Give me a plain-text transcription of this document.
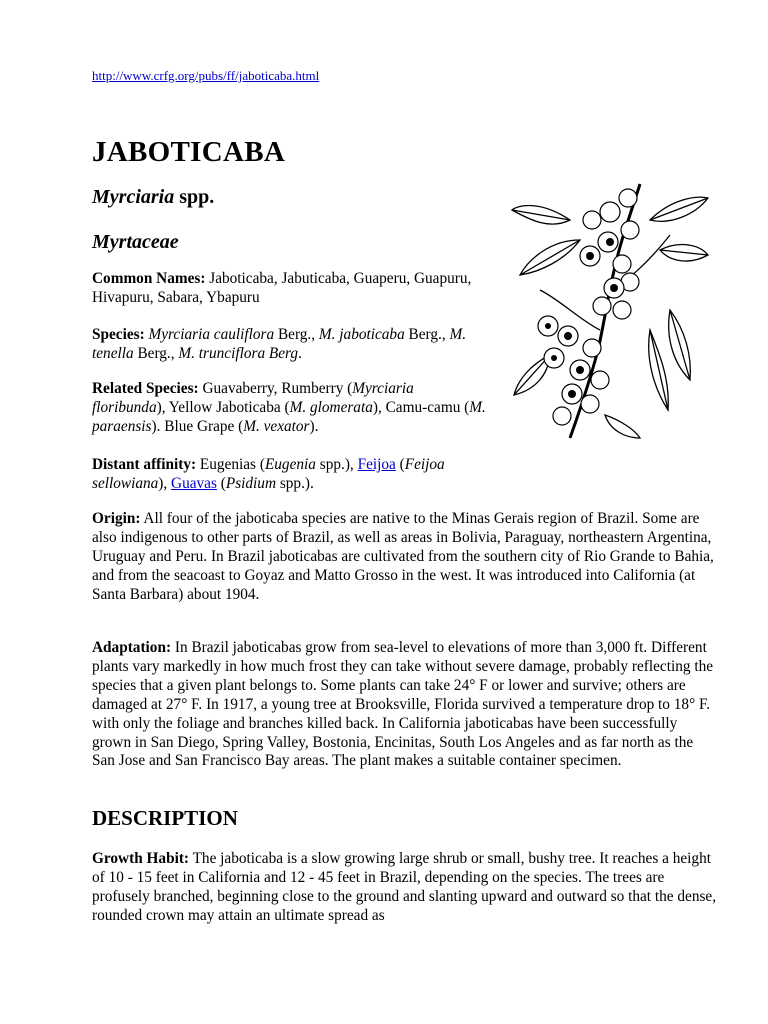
http://www.crfg.org/pubs/ff/jaboticaba.html
JABOTICABA
Myrciaria spp.
Myrtaceae

Common Names: Jaboticaba, Jabuticaba, Guaperu, Guapuru, Hivapuru, Sabara, Ybapuru

Species: Myrciaria cauliflora Berg., M. jaboticaba Berg., M. tenella Berg., M. trunciflora Berg.

Related Species: Guavaberry, Rumberry (Myrciaria floribunda), Yellow Jaboticaba (M. glomerata), Camu-camu (M. paraensis). Blue Grape (M. vexator).

Distant affinity: Eugenias (Eugenia spp.), Feijoa (Feijoa sellowiana), Guavas (Psidium spp.).

Origin: All four of the jaboticaba species are native to the Minas Gerais region of Brazil. Some are also indigenous to other parts of Brazil, as well as areas in Bolivia, Paraguay, northeastern Argentina, Uruguay and Peru. In Brazil jaboticabas are cultivated from the southern city of Rio Grande to Bahia, and from the seacoast to Goyaz and Matto Grosso in the west. It was introduced into California (at Santa Barbara) about 1904.

Adaptation: In Brazil jaboticabas grow from sea-level to elevations of more than 3,000 ft. Different plants vary markedly in how much frost they can take without severe damage, probably reflecting the species that a given plant belongs to. Some plants can take 24° F or lower and survive; others are damaged at 27° F. In 1917, a young tree at Brooksville, Florida survived a temperature drop to 18° F. with only the foliage and branches killed back. In California jaboticabas have been successfully grown in San Diego, Spring Valley, Bostonia, Encinitas, South Los Angeles and as far north as the San Jose and San Francisco Bay areas. The plant makes a suitable container specimen.

DESCRIPTION

Growth Habit: The jaboticaba is a slow growing large shrub or small, bushy tree. It reaches a height of 10 - 15 feet in California and 12 - 45 feet in Brazil, depending on the species. The trees are profusely branched, beginning close to the ground and slanting upward and outward so that the dense, rounded crown may attain an ultimate spread as
